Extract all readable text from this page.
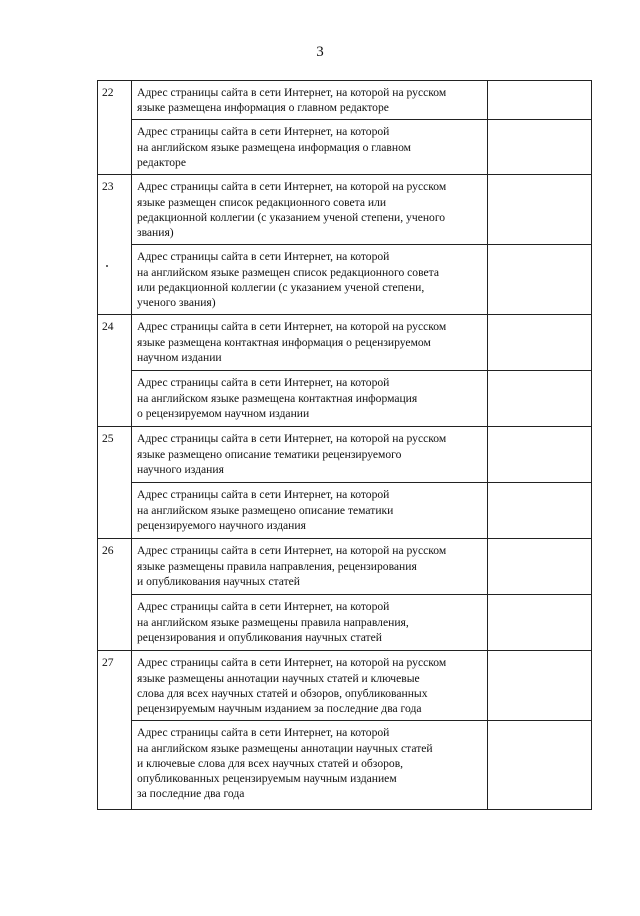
3
22	Адрес страницы сайта в сети Интернет, на которой на русском
языке размещена информация о главном редакторе	

	Адрес страницы сайта в сети Интернет, на которой
на английском языке размещена информация о главном
редакторе	

23	Адрес страницы сайта в сети Интернет, на которой на русском
языке размещен список редакционного совета или
редакционной коллегии (с указанием ученой степени, ученого
звания)	

	Адрес страницы сайта в сети Интернет, на которой
на английском языке размещен список редакционного совета
или редакционной коллегии (с указанием ученой степени,
ученого звания)	

24	Адрес страницы сайта в сети Интернет, на которой на русском
языке размещена контактная информация о рецензируемом
научном издании	

	Адрес страницы сайта в сети Интернет, на которой
на английском языке размещена контактная информация
о рецензируемом научном издании	

25	Адрес страницы сайта в сети Интернет, на которой на русском
языке размещено описание тематики рецензируемого
научного издания	

	Адрес страницы сайта в сети Интернет, на которой
на английском языке размещено описание тематики
рецензируемого научного издания	

26	Адрес страницы сайта в сети Интернет, на которой на русском
языке размещены правила направления, рецензирования
и опубликования научных статей	

	Адрес страницы сайта в сети Интернет, на которой
на английском языке размещены правила направления,
рецензирования и опубликования научных статей	

27	Адрес страницы сайта в сети Интернет, на которой на русском
языке размещены аннотации научных статей и ключевые
слова для всех научных статей и обзоров, опубликованных
рецензируемым научным изданием за последние два года	

	Адрес страницы сайта в сети Интернет, на которой
на английском языке размещены аннотации научных статей
и ключевые слова для всех научных статей и обзоров,
опубликованных рецензируемым научным изданием
за последние два года	
